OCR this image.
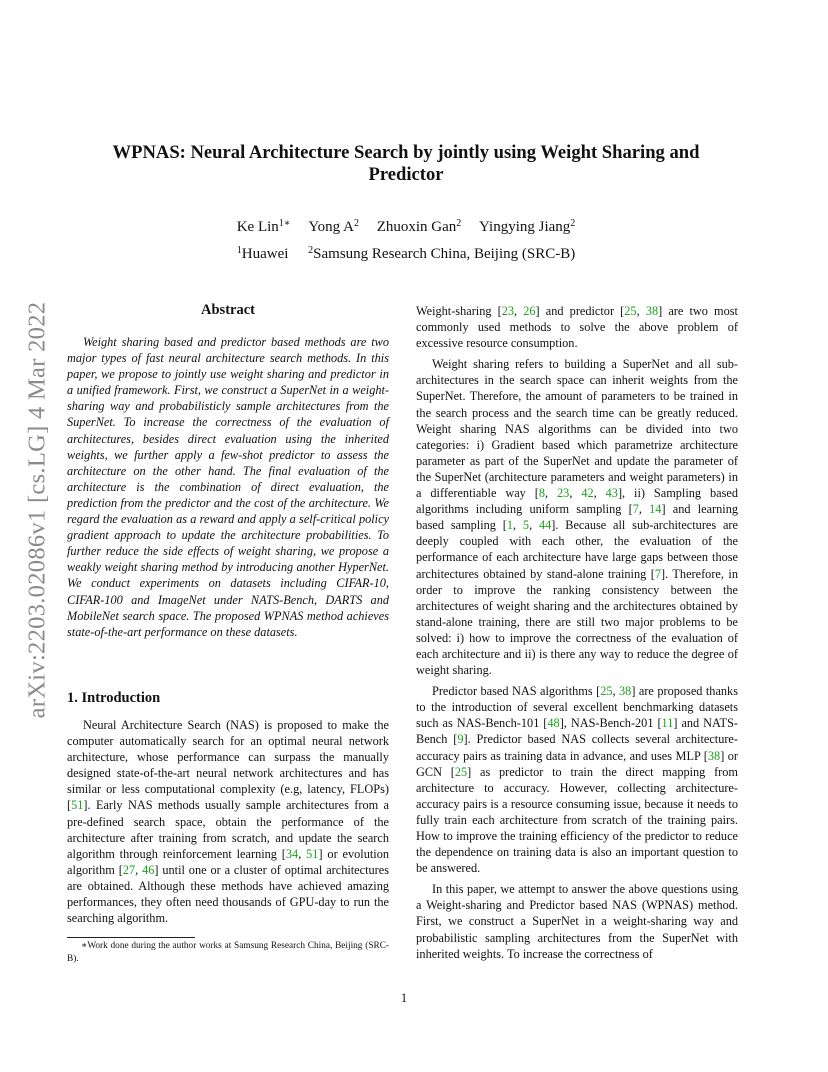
arXiv:2203.02086v1 [cs.LG] 4 Mar 2022
WPNAS: Neural Architecture Search by jointly using Weight Sharing and
Predictor
Ke Lin$^{1∗}$ Yong $A^2$ Zhuoxin Gan$^2$ Yingying Jiang$^2$
$^1$Huawei $^2$Samsung Research China, Beijing (SRC-B)
Abstract

Weight sharing based and predictor based methods are two major types of fast neural architecture search methods. In this paper, we propose to jointly use weight sharing and predictor in a unified framework. First, we construct a SuperNet in a weight-sharing way and probabilisticly sample architectures from the SuperNet. To increase the correctness of the evaluation of architectures, besides direct evaluation using the inherited weights, we further apply a few-shot predictor to assess the architecture on the other hand. The final evaluation of the architecture is the combination of direct evaluation, the prediction from the predictor and the cost of the architecture. We regard the evaluation as a reward and apply a self-critical policy gradient approach to update the architecture probabilities. To further reduce the side effects of weight sharing, we propose a weakly weight sharing method by introducing another HyperNet. We conduct experiments on datasets including CIFAR-10, CIFAR-100 and ImageNet under NATS-Bench, DARTS and MobileNet search space. The proposed WPNAS method achieves state-of-the-art performance on these datasets.

1. Introduction

Neural Architecture Search (NAS) is proposed to make the computer automatically search for an optimal neural network architecture, whose performance can surpass the manually designed state-of-the-art neural network architectures and has similar or less computational complexity (e.g, latency, FLOPs) [51]. Early NAS methods usually sample architectures from a pre-defined search space, obtain the performance of the architecture after training from scratch, and update the search algorithm through reinforcement learning [34, 51] or evolution algorithm [27, 46] until one or a cluster of optimal architectures are obtained. Although these methods have achieved amazing performances, they often need thousands of GPU-day to run the searching algorithm.

∗Work done during the author works at Samsung Research China, Beijing (SRC-B).

Weight-sharing [23, 26] and predictor [25, 38] are two most commonly used methods to solve the above problem of excessive resource consumption.

Weight sharing refers to building a SuperNet and all sub-architectures in the search space can inherit weights from the SuperNet. Therefore, the amount of parameters to be trained in the search process and the search time can be greatly reduced. Weight sharing NAS algorithms can be divided into two categories: i) Gradient based which parametrize architecture parameter as part of the SuperNet and update the parameter of the SuperNet (architecture parameters and weight parameters) in a differentiable way [8, 23, 42, 43], ii) Sampling based algorithms including uniform sampling [7, 14] and learning based sampling [1, 5, 44]. Because all sub-architectures are deeply coupled with each other, the evaluation of the performance of each architecture have large gaps between those architectures obtained by stand-alone training [7]. Therefore, in order to improve the ranking consistency between the architectures of weight sharing and the architectures obtained by stand-alone training, there are still two major problems to be solved: i) how to improve the correctness of the evaluation of each architecture and ii) is there any way to reduce the degree of weight sharing.

Predictor based NAS algorithms [25, 38] are proposed thanks to the introduction of several excellent benchmarking datasets such as NAS-Bench-101 [48], NAS-Bench-201 [11] and NATS-Bench [9]. Predictor based NAS collects several architecture-accuracy pairs as training data in advance, and uses MLP [38] or GCN [25] as predictor to train the direct mapping from architecture to accuracy. However, collecting architecture-accuracy pairs is a resource consuming issue, because it needs to fully train each architecture from scratch of the training pairs. How to improve the training efficiency of the predictor to reduce the dependence on training data is also an important question to be answered.

In this paper, we attempt to answer the above questions using a Weight-sharing and Predictor based NAS (WPNAS) method. First, we construct a SuperNet in a weight-sharing way and probabilistic sampling architectures from the SuperNet with inherited weights. To increase the correctness of

1
